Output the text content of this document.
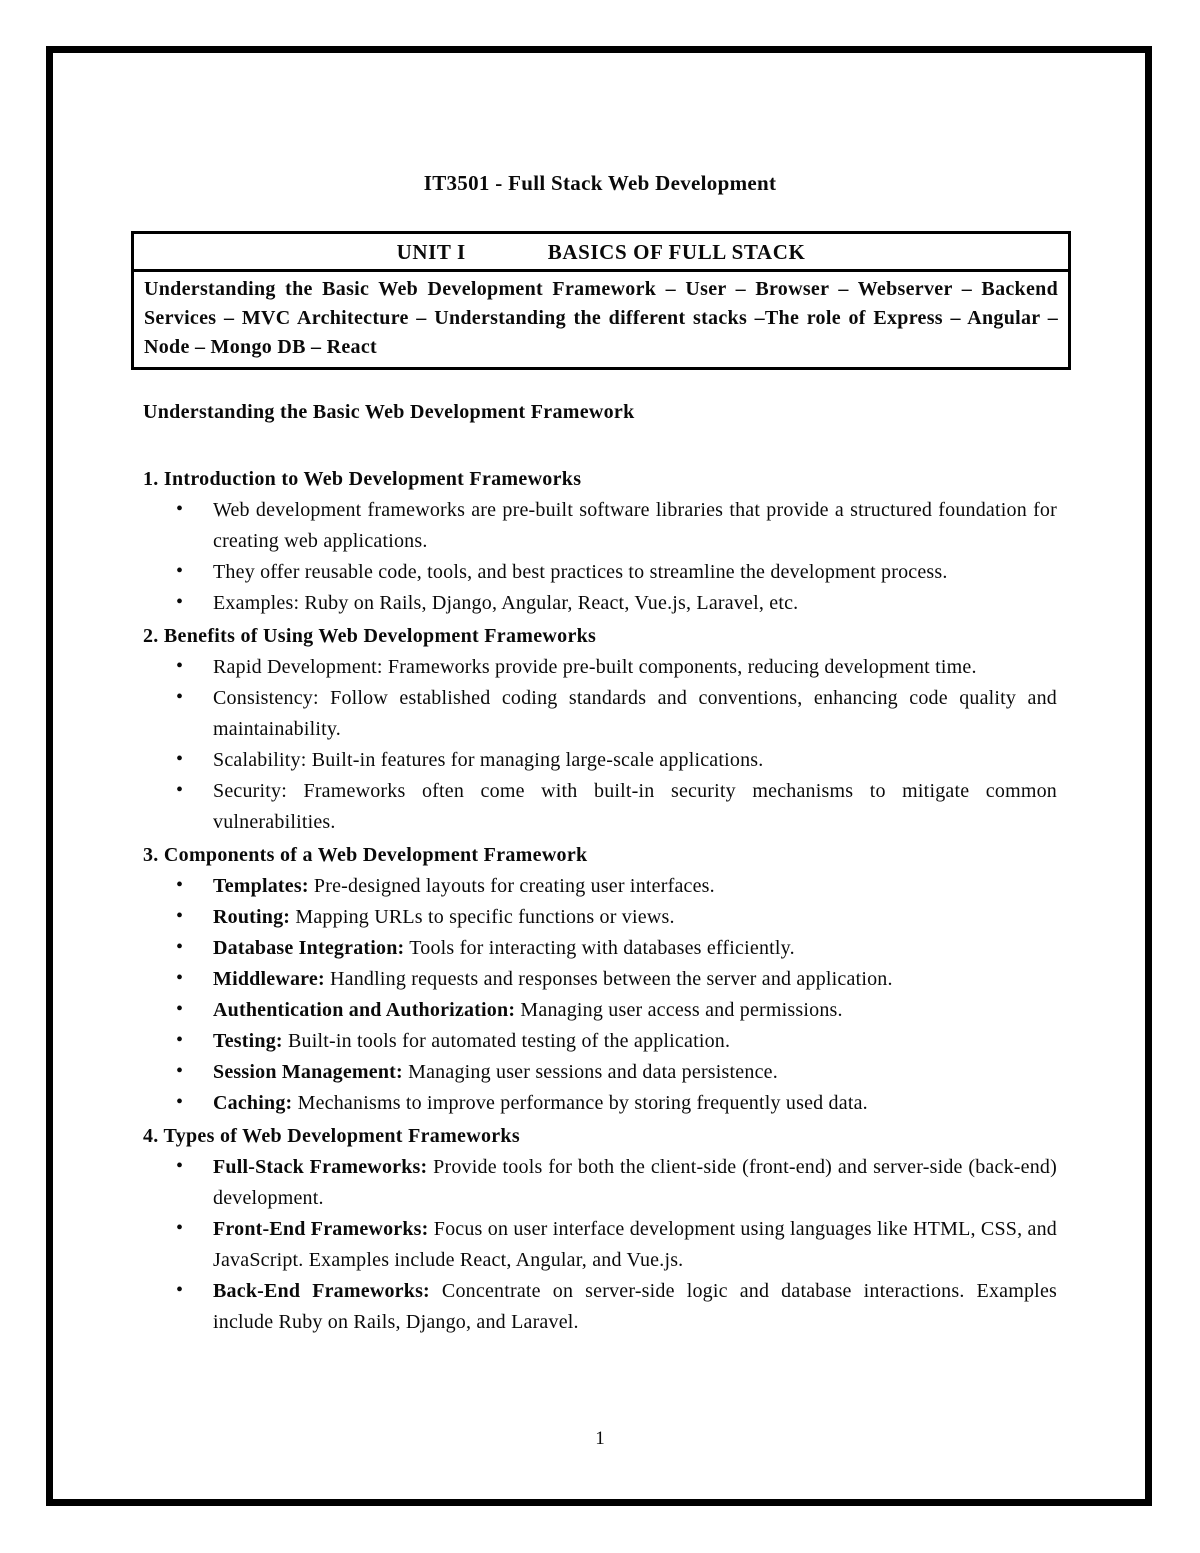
IT3501 - Full Stack Web Development
UNIT I	BASICS OF FULL STACK
Understanding the Basic Web Development Framework – User – Browser – Webserver – Backend Services – MVC Architecture – Understanding the different stacks –The role of Express – Angular – Node – Mongo DB – React
Understanding the Basic Web Development Framework
1. Introduction to Web Development Frameworks
• Web development frameworks are pre-built software libraries that provide a structured foundation for creating web applications.
• They offer reusable code, tools, and best practices to streamline the development process.
• Examples: Ruby on Rails, Django, Angular, React, Vue.js, Laravel, etc.
2. Benefits of Using Web Development Frameworks
• Rapid Development: Frameworks provide pre-built components, reducing development time.
• Consistency: Follow established coding standards and conventions, enhancing code quality and maintainability.
• Scalability: Built-in features for managing large-scale applications.
• Security: Frameworks often come with built-in security mechanisms to mitigate common vulnerabilities.
3. Components of a Web Development Framework
• Templates: Pre-designed layouts for creating user interfaces.
• Routing: Mapping URLs to specific functions or views.
• Database Integration: Tools for interacting with databases efficiently.
• Middleware: Handling requests and responses between the server and application.
• Authentication and Authorization: Managing user access and permissions.
• Testing: Built-in tools for automated testing of the application.
• Session Management: Managing user sessions and data persistence.
• Caching: Mechanisms to improve performance by storing frequently used data.
4. Types of Web Development Frameworks
• Full-Stack Frameworks: Provide tools for both the client-side (front-end) and server-side (back-end) development.
• Front-End Frameworks: Focus on user interface development using languages like HTML, CSS, and JavaScript. Examples include React, Angular, and Vue.js.
• Back-End Frameworks: Concentrate on server-side logic and database interactions. Examples include Ruby on Rails, Django, and Laravel.
1
